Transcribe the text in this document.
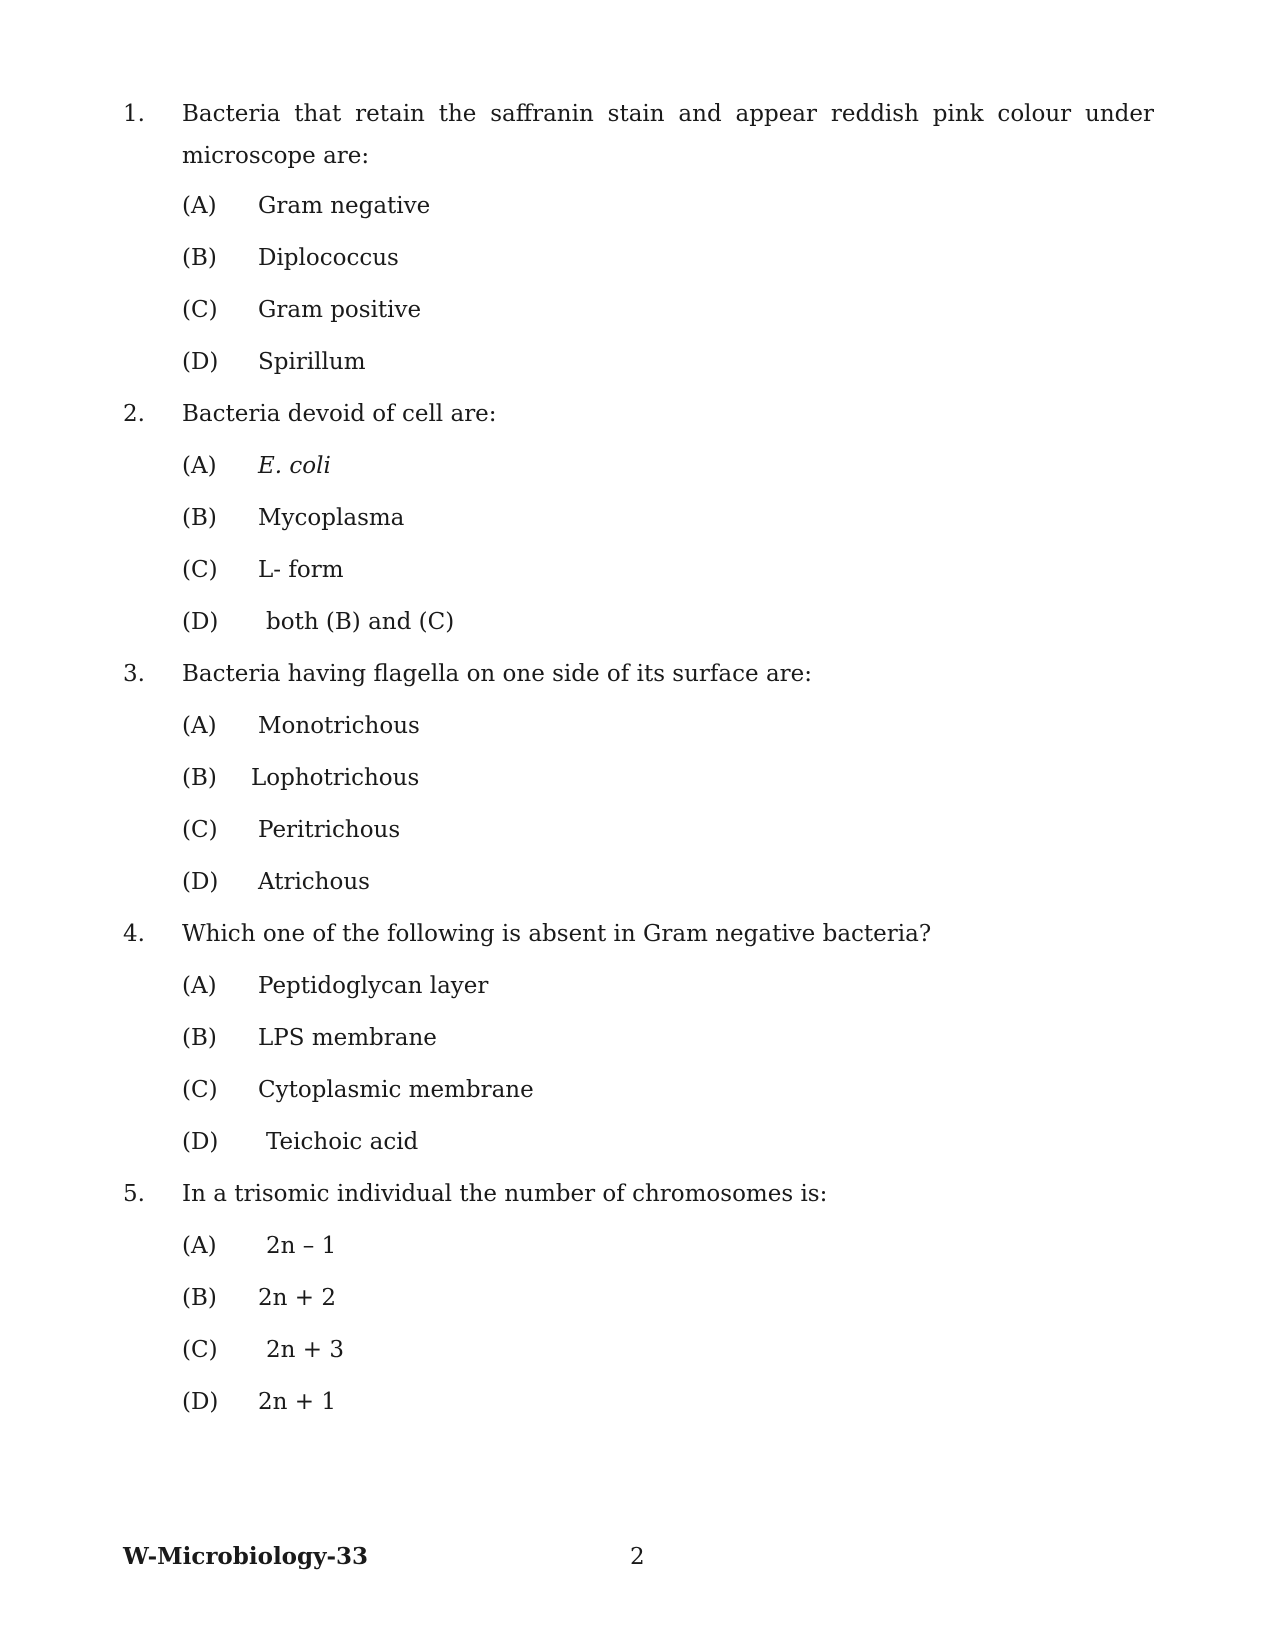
1. Bacteria that retain the saffranin stain and appear reddish pink colour under
microscope are:
(A) Gram negative
(B) Diplococcus
(C) Gram positive
(D) Spirillum
2. Bacteria devoid of cell are:
(A) E. coli
(B) Mycoplasma
(C) L- form
(D) both (B) and (C)
3. Bacteria having flagella on one side of its surface are:
(A) Monotrichous
(B) Lophotrichous
(C) Peritrichous
(D) Atrichous
4. Which one of the following is absent in Gram negative bacteria?
(A) Peptidoglycan layer
(B) LPS membrane
(C) Cytoplasmic membrane
(D) Teichoic acid
5. In a trisomic individual the number of chromosomes is:
(A) 2n – 1
(B) 2n + 2
(C) 2n + 3
(D) 2n + 1
W-Microbiology-33	2
